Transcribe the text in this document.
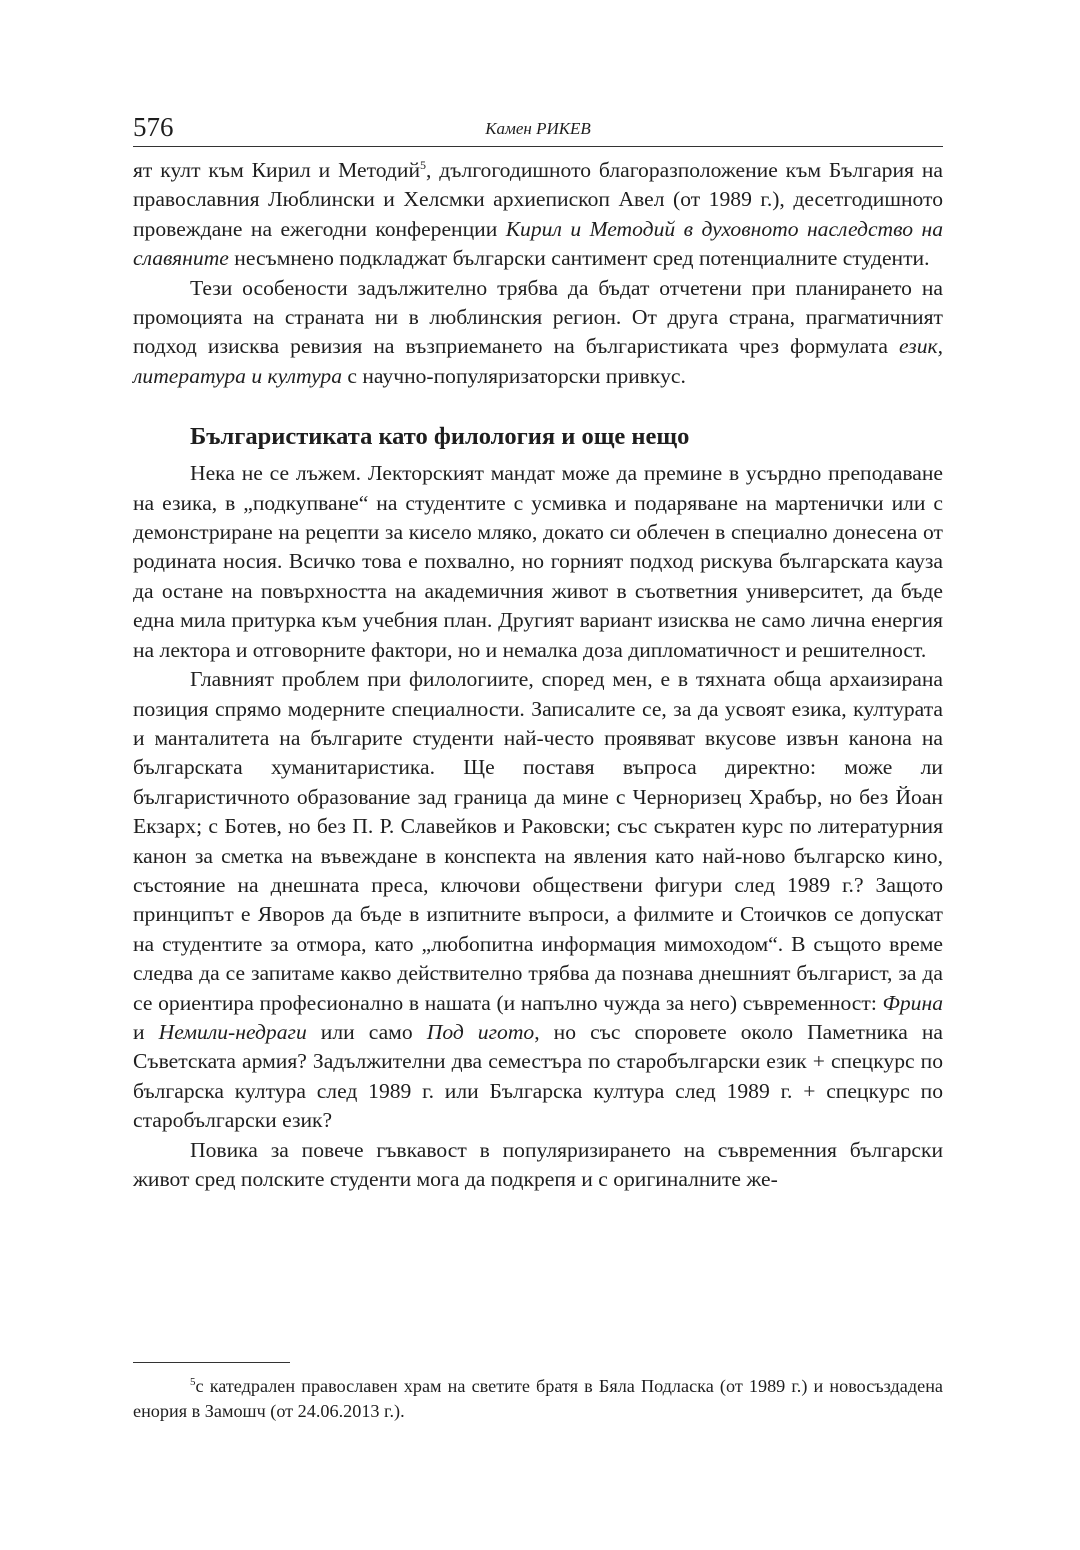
576	Камен РИКЕВ

ят култ към Кирил и Методий$^5$, дългогодишното благоразположение към България на православния Люблински и Хелсмки архиепископ Авел (от 1989 г.), десетгодишното провеждане на ежегодни конференции Кирил и Методий в духовното наследство на славяните несъмнено подкладжат български сантимент сред потенциалните студенти.

Тези особености задължително трябва да бъдат отчетени при планирането на промоцията на страната ни в люблинския регион. От друга страна, прагматичният подход изисква ревизия на възприемането на българистиката чрез формулата език, литература и култура с научно-популяризаторски привкус.

Българистиката като филология и още нещо

Нека не се лъжем. Лекторският мандат може да премине в усърдно преподаване на езика, в „подкупване“ на студентите с усмивка и подаряване на мартенички или с демонстриране на рецепти за кисело мляко, докато си облечен в специално донесена от родината носия. Всичко това е похвално, но горният подход рискува българската кауза да остане на повърхността на академичния живот в съответния университет, да бъде една мила притурка към учебния план. Другият вариант изисква не само лична енергия на лектора и отговорните фактори, но и немалка доза дипломатичност и решителност.

Главният проблем при филологиите, според мен, е в тяхната обща архаизирана позиция спрямо модерните специалности. Записалите се, за да усвоят езика, културата и манталитета на българите студенти най-често проявяват вкусове извън канона на българската хуманитаристика. Ще поставя въпроса директно: може ли българистичното образование зад граница да мине с Черноризец Храбър, но без Йоан Екзарх; с Ботев, но без П. Р. Славейков и Раковски; със съкратен курс по литературния канон за сметка на въвеждане в конспекта на явления като най-ново българско кино, състояние на днешната преса, ключови обществени фигури след 1989 г.? Защото принципът е Яворов да бъде в изпитните въпроси, а филмите и Стоичков се допускат на студентите за отмора, като „любопитна информация мимоходом“. В същото време следва да се запитаме какво действително трябва да познава днешният българист, за да се ориентира професионално в нашата (и напълно чужда за него) съвременност: Фрина и Немили-недраги или само Под игото, но със споровете около Паметника на Съветската армия? Задължителни два семестъра по старобългарски език + спецкурс по българска култура след 1989 г. или Българска култура след 1989 г. + спецкурс по старобългарски език?

Повика за повече гъвкавост в популяризирането на съвременния български живот сред полските студенти мога да подкрепя и с оригиналните же-

$^5$с катедрален православен храм на светите братя в Бяла Подласка (от 1989 г.) и новосъздадена енория в Замошч (от 24.06.2013 г.).
